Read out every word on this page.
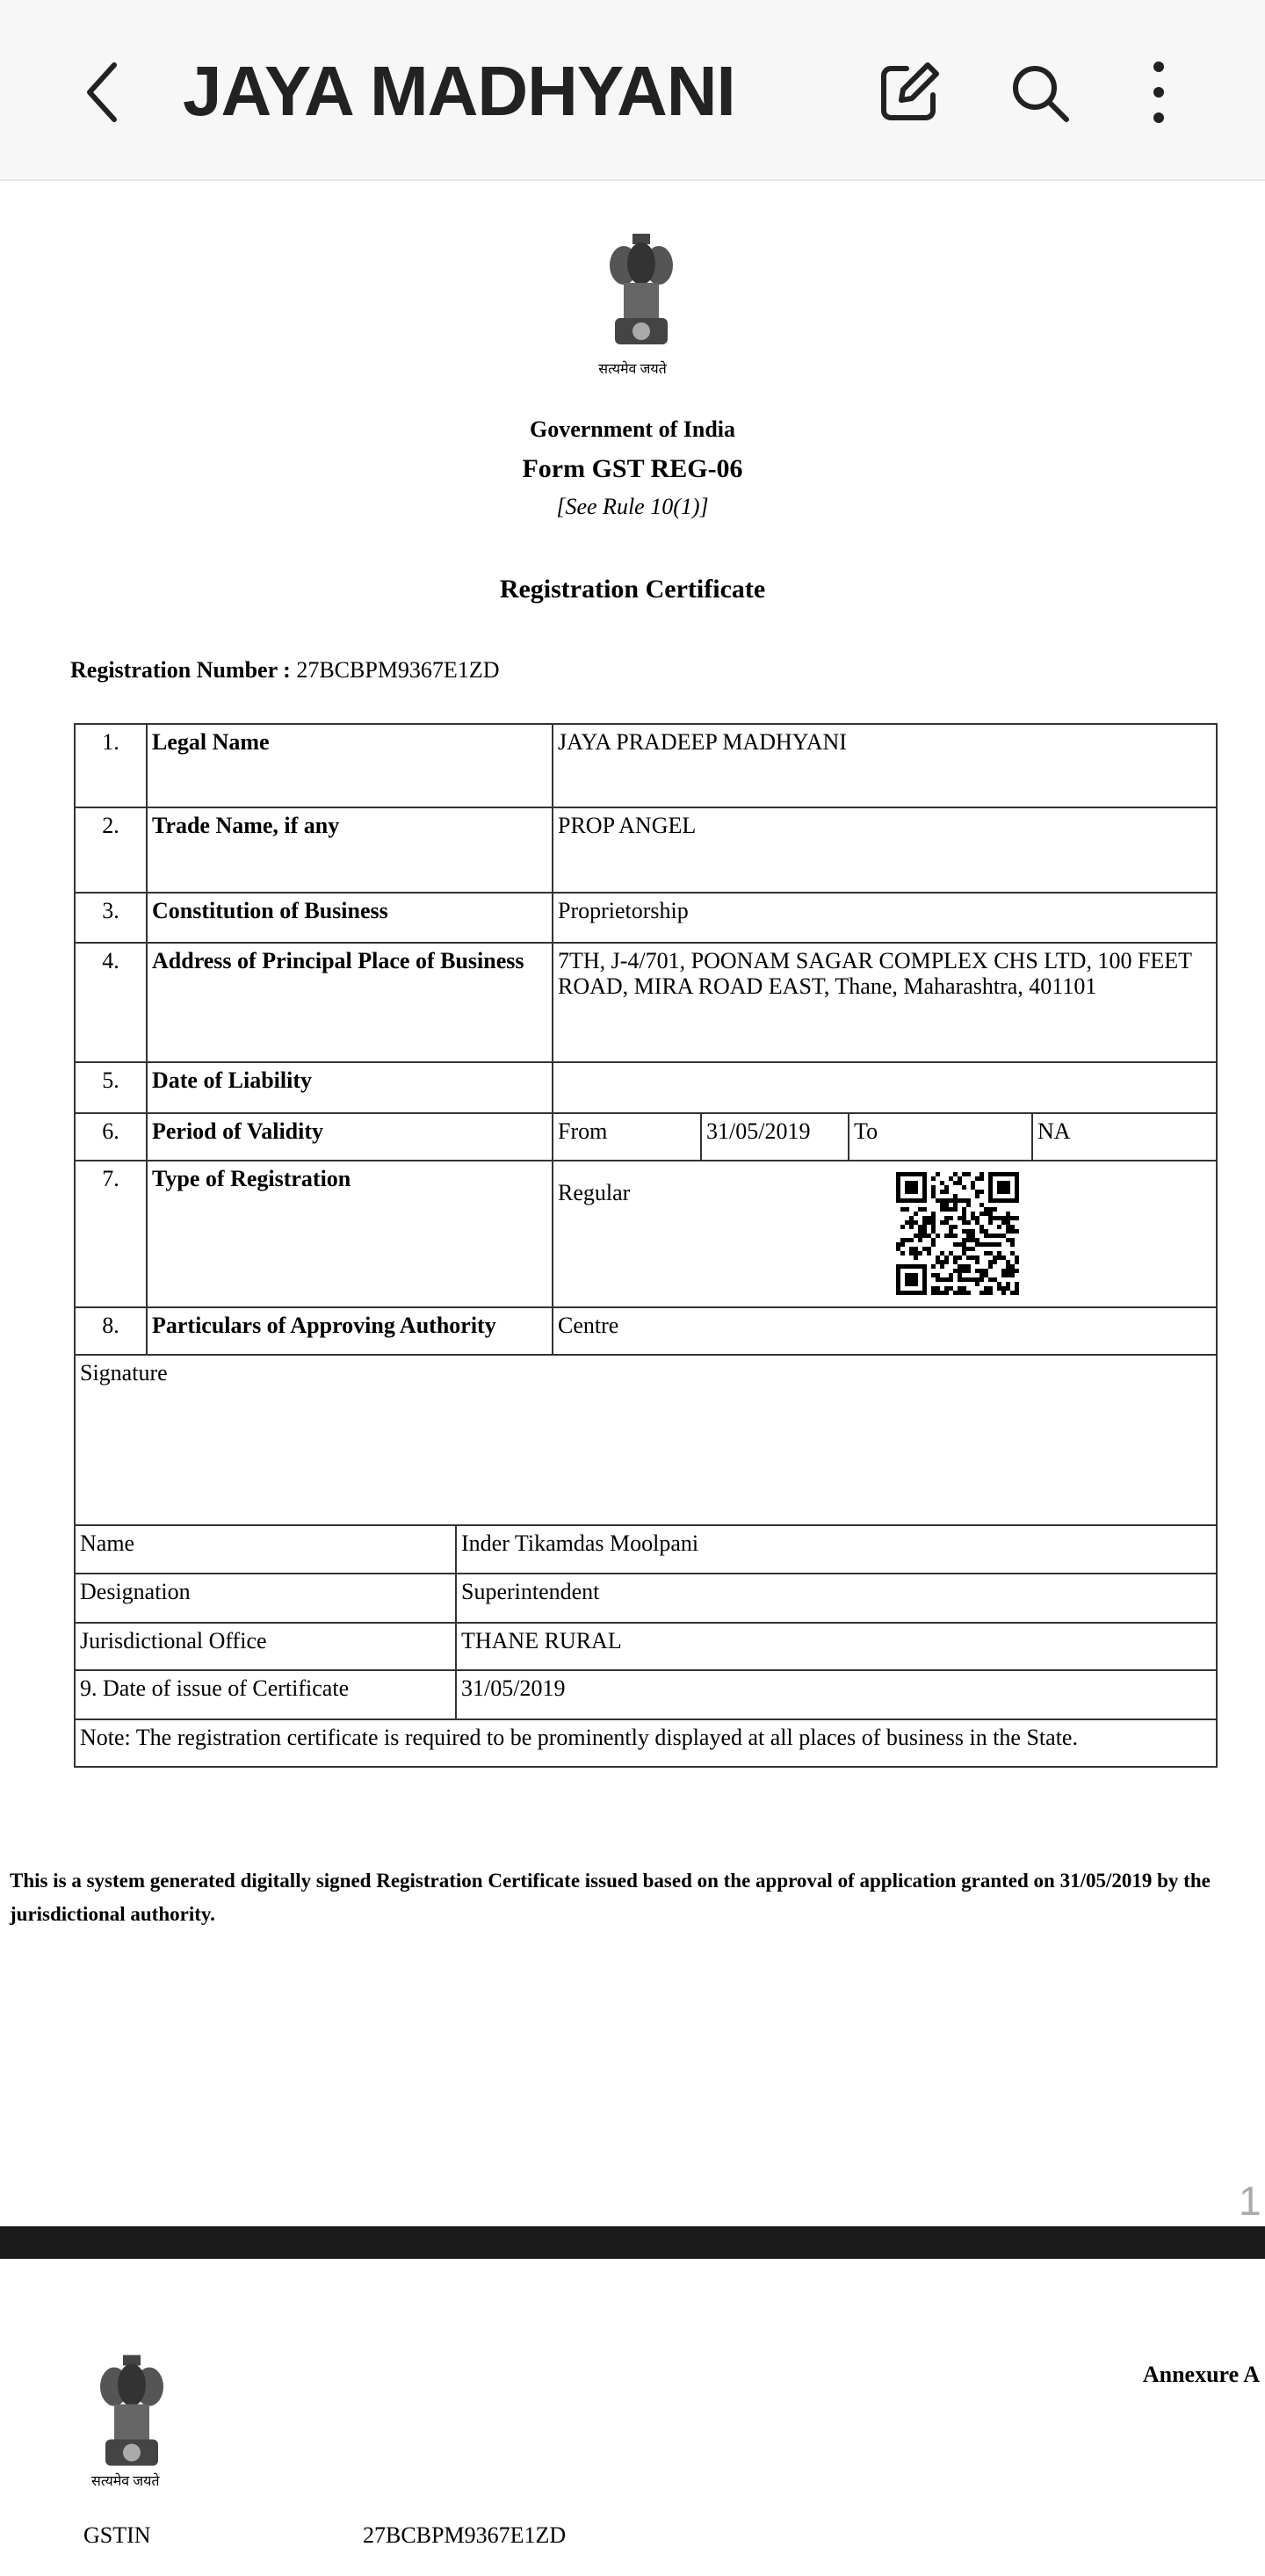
JAYA MADHYANI
सत्यमेव जयते
Government of India
Form GST REG-06
[See Rule 10(1)]
Registration Certificate
Registration Number : 27BCBPM9367E1ZD
1.	Legal Name	JAYA PRADEEP MADHYANI			
2.	Trade Name, if any	PROP ANGEL			
3.	Constitution of Business	Proprietorship			
4.	Address of Principal Place of Business	7TH, J-4/701, POONAM SAGAR COMPLEX CHS LTD, 100 FEET ROAD, MIRA ROAD EAST, Thane, Maharashtra, 401101			
5.	Date of Liability				
6.	Period of Validity	From	31/05/2019	To	NA
7.	Type of Registration	Regular			

8.	Particulars of Approving Authority	Centre			
Signature	
Name	Inder Tikamdas Moolpani
Designation	Superintendent
Jurisdictional Office	THANE RURAL
9. Date of issue of Certificate	31/05/2019
Note: The registration certificate is required to be prominently displayed at all places of business in the State.	
This is a system generated digitally signed Registration Certificate issued based on the approval of application granted on 31/05/2019 by the jurisdictional authority.
1
सत्यमेव जयते
Annexure A
GSTIN	27BCBPM9367E1ZD
